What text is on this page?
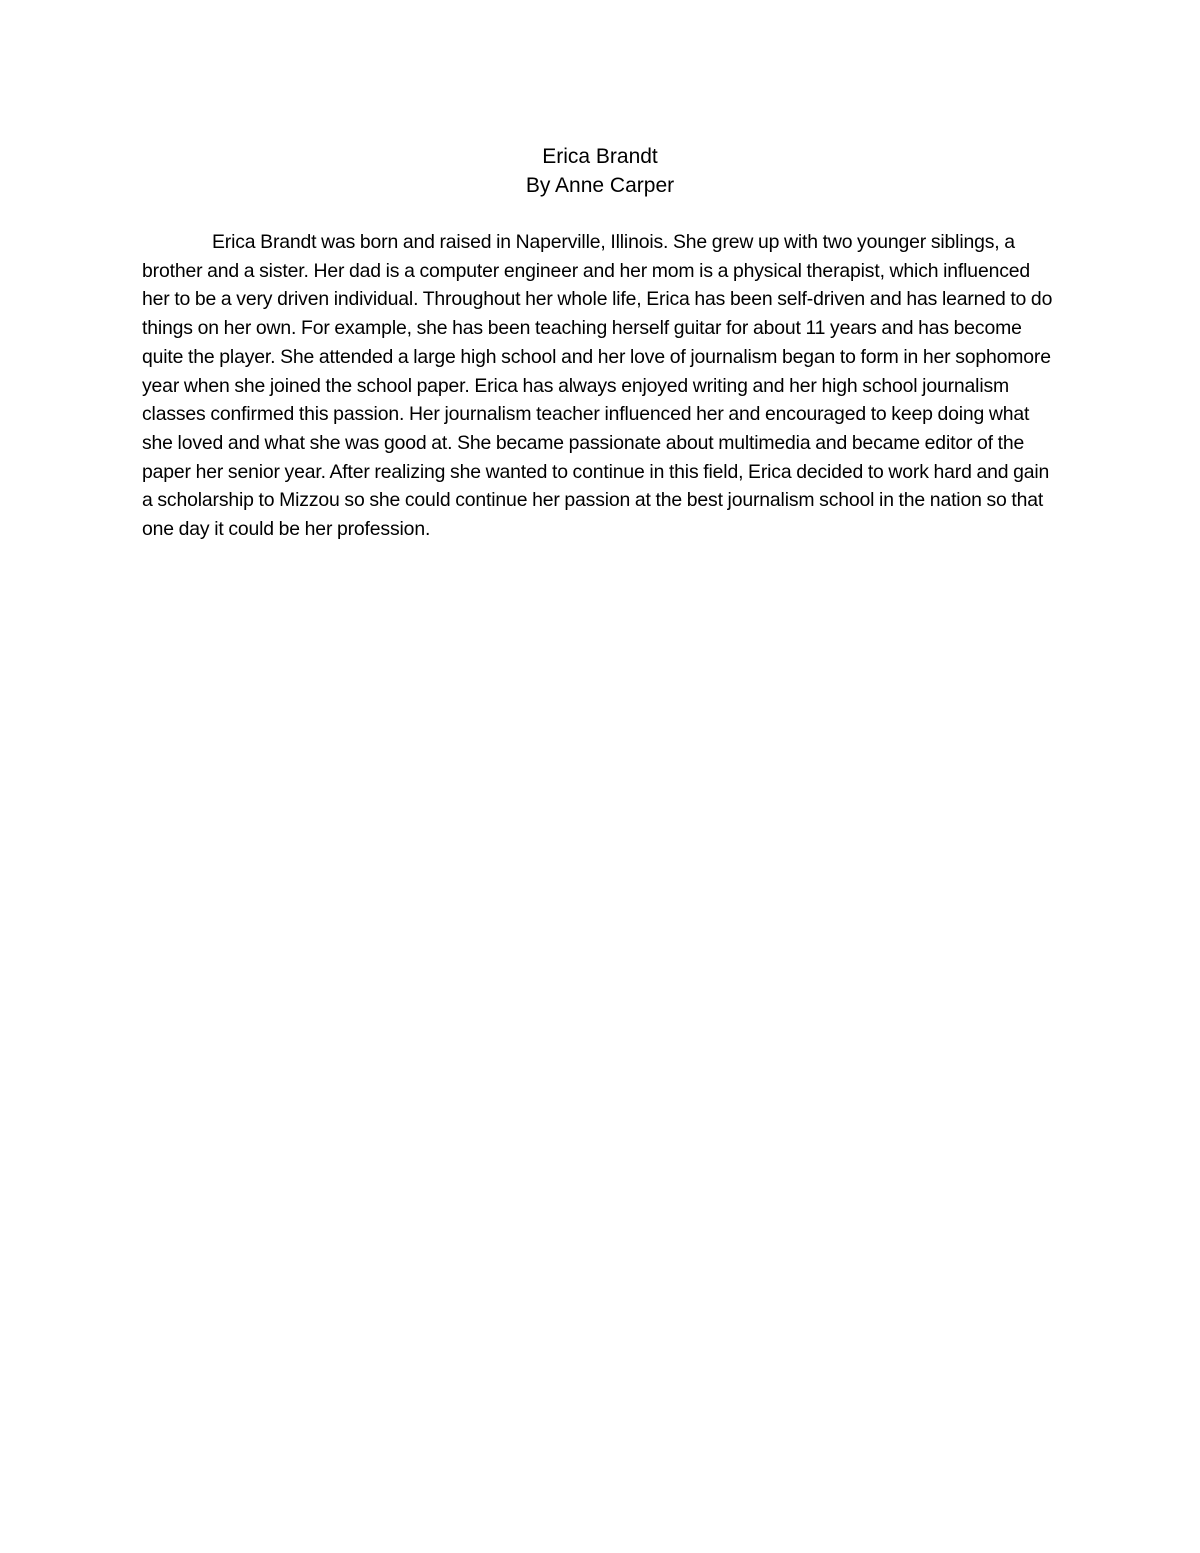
Erica Brandt

By Anne Carper

Erica Brandt was born and raised in Naperville, Illinois. She grew up with two younger siblings, a brother and a sister. Her dad is a computer engineer and her mom is a physical therapist, which influenced her to be a very driven individual. Throughout her whole life, Erica has been self-driven and has learned to do things on her own. For example, she has been teaching herself guitar for about 11 years and has become quite the player. She attended a large high school and her love of journalism began to form in her sophomore year when she joined the school paper. Erica has always enjoyed writing and her high school journalism classes confirmed this passion. Her journalism teacher influenced her and encouraged to keep doing what she loved and what she was good at. She became passionate about multimedia and became editor of the paper her senior year. After realizing she wanted to continue in this field, Erica decided to work hard and gain a scholarship to Mizzou so she could continue her passion at the best journalism school in the nation so that one day it could be her profession.
